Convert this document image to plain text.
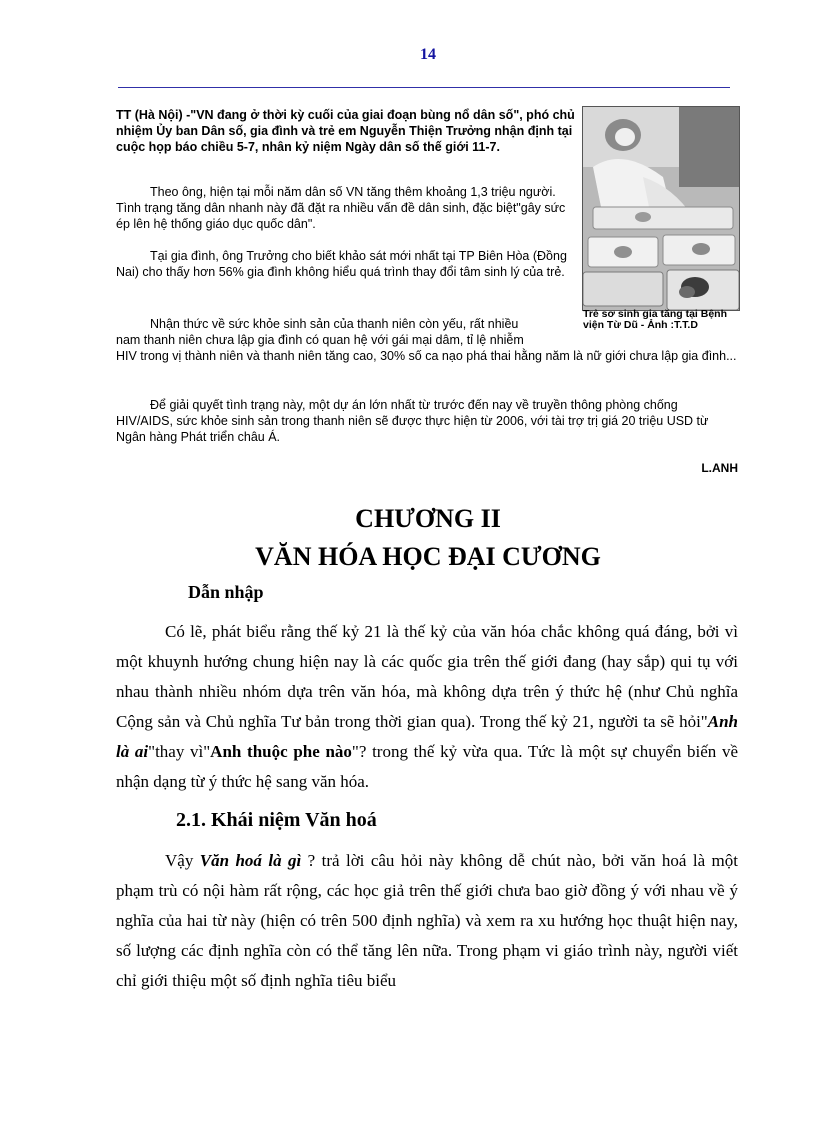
14

TT (Hà Nội) -"VN đang ở thời kỳ cuối của giai đoạn bùng nổ dân số", phó chủ nhiệm Ủy ban Dân số, gia đình và trẻ em Nguyễn Thiện Trưởng nhận định tại cuộc họp báo chiều 5-7, nhân kỷ niệm Ngày dân số thế giới 11-7.

Theo ông, hiện tại mỗi năm dân số VN tăng thêm khoảng 1,3 triệu người. Tình trạng tăng dân nhanh này đã đặt ra nhiều vấn đề dân sinh, đặc biệt"gây sức ép lên hệ thống giáo dục quốc dân".

Tại gia đình, ông Trưởng cho biết khảo sát mới nhất tại TP Biên Hòa (Đồng Nai) cho thấy hơn 56% gia đình không hiểu quá trình thay đổi tâm sinh lý của trẻ.

Nhận thức về sức khỏe sinh sản của thanh niên còn yếu, rất nhiều
nam thanh niên chưa lập gia đình có quan hệ với gái mại dâm, tỉ lệ nhiễm
HIV trong vị thành niên và thanh niên tăng cao, 30% số ca nạo phá thai hằng năm là nữ giới chưa lập gia đình...

Để giải quyết tình trạng này, một dự án lớn nhất từ trước đến nay về truyền thông phòng chống HIV/AIDS, sức khỏe sinh sản trong thanh niên sẽ được thực hiện từ 2006, với tài trợ trị giá 20 triệu USD từ Ngân hàng Phát triển châu Á.

L.ANH
Trẻ sơ sinh gia tăng tại Bệnh viện Từ Dũ - Ảnh :T.T.D
CHƯƠNG II
VĂN HÓA HỌC ĐẠI CƯƠNG
Dẫn nhập

Có lẽ, phát biểu rằng thế kỷ 21 là thế kỷ của văn hóa chắc không quá đáng, bởi vì một khuynh hướng chung hiện nay là các quốc gia trên thế giới đang (hay sắp) qui tụ với nhau thành nhiều nhóm dựa trên văn hóa, mà không dựa trên ý thức hệ (như Chủ nghĩa Cộng sản và Chủ nghĩa Tư bản trong thời gian qua). Trong thế kỷ 21, người ta sẽ hỏi"Anh là ai"thay vì"Anh thuộc phe nào"? trong thế kỷ vừa qua. Tức là một sự chuyển biến về nhận dạng từ ý thức hệ sang văn hóa.

2.1. Khái niệm Văn hoá

Vậy Văn hoá là gì ? trả lời câu hỏi này không dễ chút nào, bởi văn hoá là một phạm trù có nội hàm rất rộng, các học giả trên thế giới chưa bao giờ đồng ý với nhau về ý nghĩa của hai từ này (hiện có trên 500 định nghĩa) và xem ra xu hướng học thuật hiện nay, số lượng các định nghĩa còn có thể tăng lên nữa. Trong phạm vi giáo trình này, người viết chỉ giới thiệu một số định nghĩa tiêu biểu
